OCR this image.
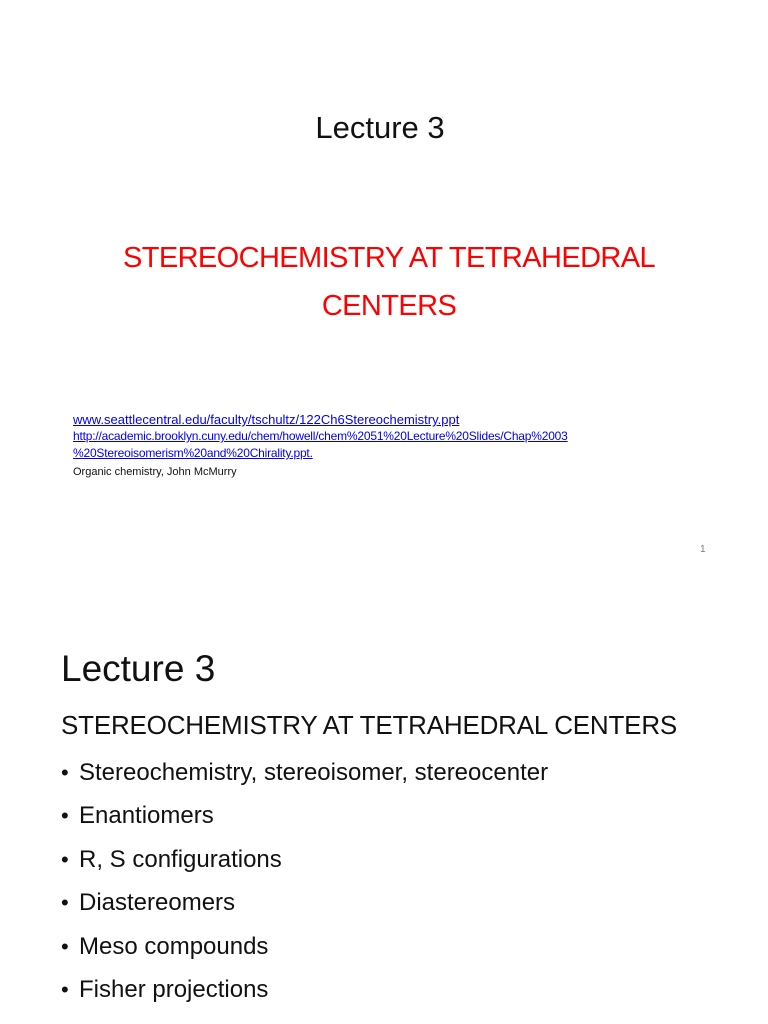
Lecture 3
STEREOCHEMISTRY AT TETRAHEDRAL CENTERS
www.seattlecentral.edu/faculty/tschultz/122Ch6Stereochemistry.ppt
http://academic.brooklyn.cuny.edu/chem/howell/chem%2051%20Lecture%20Slides/Chap%2003
%20Stereoisomerism%20and%20Chirality.ppt.
Organic chemistry, John McMurry
1
Lecture 3
STEREOCHEMISTRY AT TETRAHEDRAL CENTERS
• Stereochemistry, stereoisomer, stereocenter
• Enantiomers
• R, S configurations
• Diastereomers
• Meso compounds
• Fisher projections
